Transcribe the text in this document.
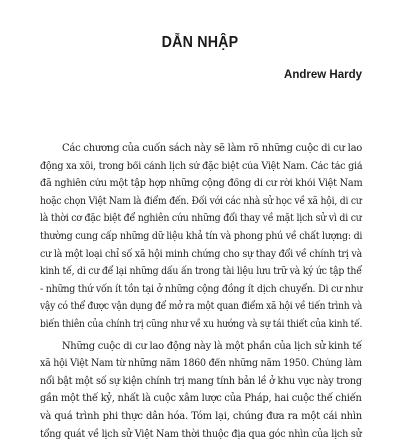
DẪN NHẬP
Andrew Hardy

Các chương của cuốn sách này sẽ làm rõ những cuộc di cư lao
động xa xôi, trong bối cảnh lịch sử đặc biệt của Việt Nam. Các tác giả
đã nghiên cứu một tập hợp những cộng đồng di cư rời khỏi Việt Nam
hoặc chọn Việt Nam là điểm đến. Đối với các nhà sử học về xã hội, di cư
là thời cơ đặc biệt để nghiên cứu những đổi thay về mặt lịch sử vì di cư
thường cung cấp những dữ liệu khả tín và phong phú về chất lượng: di
cư là một loại chỉ số xã hội minh chứng cho sự thay đổi về chính trị và
kinh tế, di cư để lại những dấu ấn trong tài liệu lưu trữ và ký ức tập thể
- những thứ vốn ít tồn tại ở những cộng đồng ít dịch chuyển. Di cư như
vậy có thể được vận dụng để mở ra một quan điểm xã hội về tiến trình và
biến thiên của chính trị cũng như về xu hướng và sự tái thiết của kinh tế.

Những cuộc di cư lao động này là một phần của lịch sử kinh tế
xã hội Việt Nam từ những năm 1860 đến những năm 1950. Chúng làm
nổi bật một số sự kiện chính trị mang tính bản lề ở khu vực này trong
gần một thế kỷ, nhất là cuộc xâm lược của Pháp, hai cuộc thế chiến
và quá trình phi thực dân hóa. Tóm lại, chúng đưa ra một cái nhìn
tổng quát về lịch sử Việt Nam thời thuộc địa qua góc nhìn của lịch sử
